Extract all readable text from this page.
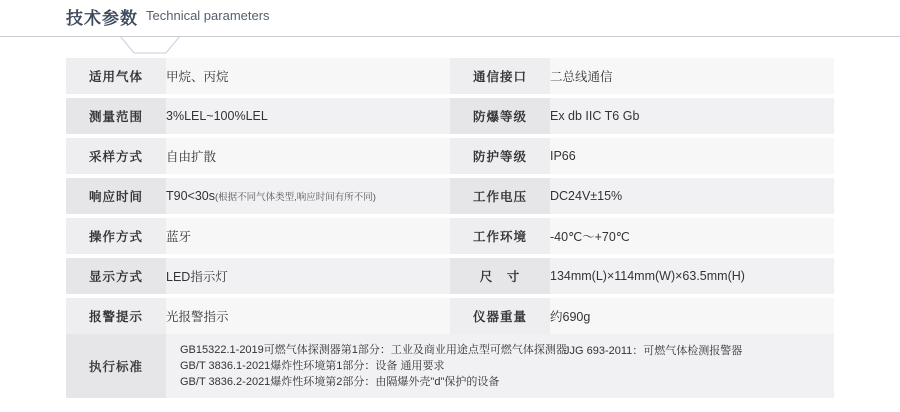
技术参数 Technical parameters
适用气体	甲烷、丙烷		通信接口	二总线通信

测量范围	3%LEL~100%LEL		防爆等级	Ex db IIC T6 Gb

采样方式	自由扩散		防护等级	IP66

响应时间	T90<30s(根据不同气体类型,响应时间有所不同)		工作电压	DC24V±15%

操作方式	蓝牙		工作环境	-40℃～+70℃

显示方式	LED指示灯		尺　寸	134mm(L)×114mm(W)×63.5mm(H)

报警提示	光报警指示		仪器重量	约690g
执行标准
GB15322.1-2019可燃气体探测器第1部分：工业及商业用途点型可燃气体探测器
GB/T 3836.1-2021爆炸性环境第1部分：设备 通用要求
GB/T 3836.2-2021爆炸性环境第2部分：由隔爆外壳"d"保护的设备
JJG 693-2011：可燃气体检测报警器
